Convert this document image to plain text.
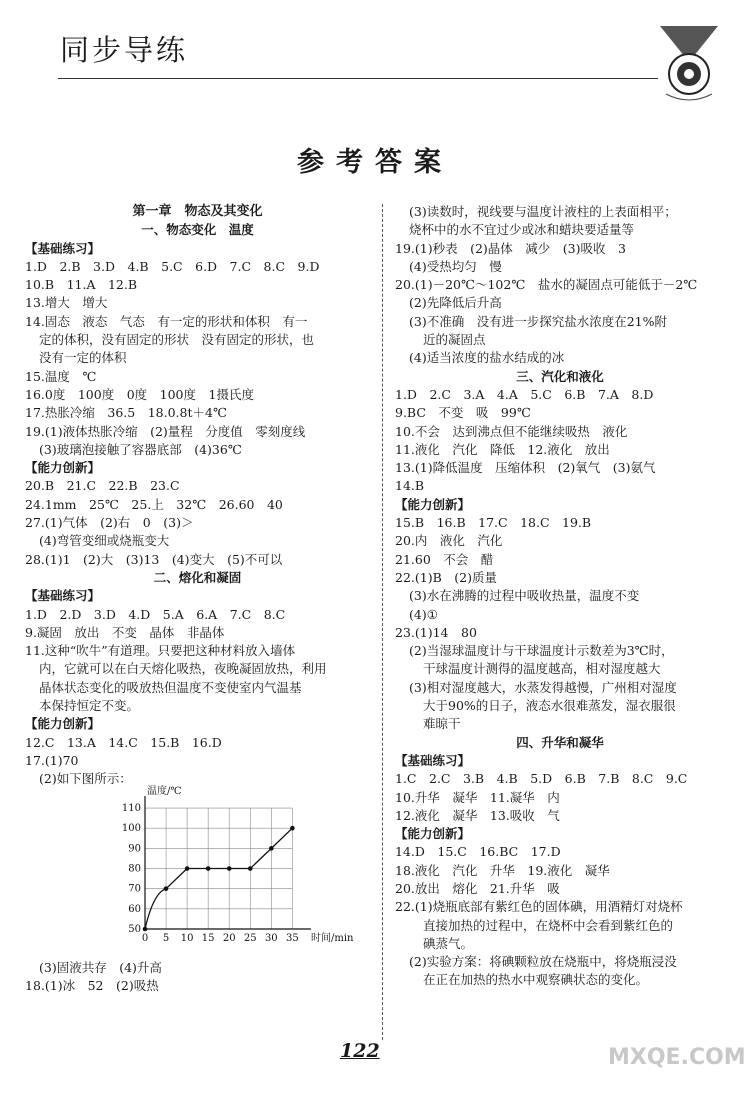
同步导练
参考答案
第一章　物态及其变化
一、物态变化　温度
【基础练习】
1.D　2.B　3.D　4.B　5.C　6.D　7.C　8.C　9.D
10.B　11.A　12.B
13.增大　增大
14.固态　液态　气态　有一定的形状和体积　有一
定的体积，没有固定的形状　没有固定的形状，也
没有一定的体积
15.温度　℃
16.0度　100度　0度　100度　1摄氏度
17.热胀冷缩　36.5　18.0.8t＋4℃
19.(1)液体热胀冷缩　(2)量程　分度值　零刻度线
(3)玻璃泡接触了容器底部　(4)36℃
【能力创新】
20.B　21.C　22.B　23.C
24.1mm　25℃　25.上　32℃　26.60　40
27.(1)气体　(2)右　0　(3)＞
(4)弯管变细或烧瓶变大
28.(1)1　(2)大　(3)13　(4)变大　(5)不可以
二、熔化和凝固
【基础练习】
1.D　2.D　3.D　4.D　5.A　6.A　7.C　8.C
9.凝固　放出　不变　晶体　非晶体
11.这种“吹牛”有道理。只要把这种材料放入墙体
内，它就可以在白天熔化吸热，夜晚凝固放热，利用
晶体状态变化的吸放热但温度不变使室内气温基
本保持恒定不变。
【能力创新】
12.C　13.A　14.C　15.B　16.D
17.(1)70
(2)如下图所示：
0 5 10 15 20 25 30 35
50
60
70
80
90
100
110
温度/℃
时间/min
(3)固液共存　(4)升高
18.(1)冰　52　(2)吸热
(3)读数时，视线要与温度计液柱的上表面相平；
烧杯中的水不宜过少或冰和蜡块要适量等
19.(1)秒表　(2)晶体　减少　(3)吸收　3
(4)受热均匀　慢
20.(1)－20℃～102℃　盐水的凝固点可能低于－2℃
(2)先降低后升高
(3)不准确　没有进一步探究盐水浓度在21%附
近的凝固点
(4)适当浓度的盐水结成的冰
三、汽化和液化
1.D　2.C　3.A　4.A　5.C　6.B　7.A　8.D
9.BC　不变　吸　99℃
10.不会　达到沸点但不能继续吸热　液化
11.液化　汽化　降低　12.液化　放出
13.(1)降低温度　压缩体积　(2)氧气　(3)氨气
14.B
【能力创新】
15.B　16.B　17.C　18.C　19.B
20.内　液化　汽化
21.60　不会　醋
22.(1)B　(2)质量
(3)水在沸腾的过程中吸收热量，温度不变
(4)①
23.(1)14　80
(2)当湿球温度计与干球温度计示数差为3℃时，
干球温度计测得的温度越高，相对湿度越大
(3)相对湿度越大，水蒸发得越慢，广州相对湿度
大于90%的日子，液态水很难蒸发，湿衣服很
难晾干
四、升华和凝华
【基础练习】
1.C　2.C　3.B　4.B　5.D　6.B　7.B　8.C　9.C
10.升华　凝华　11.凝华　内
12.液化　凝华　13.吸收　气
【能力创新】
14.D　15.C　16.BC　17.D
18.液化　汽化　升华　19.液化　凝华
20.放出　熔化　21.升华　吸
22.(1)烧瓶底部有紫红色的固体碘，用酒精灯对烧杯
直接加热的过程中，在烧杯中会看到紫红色的
碘蒸气。
(2)实验方案：将碘颗粒放在烧瓶中，将烧瓶浸没
在正在加热的热水中观察碘状态的变化。
122	MXQE.COM
